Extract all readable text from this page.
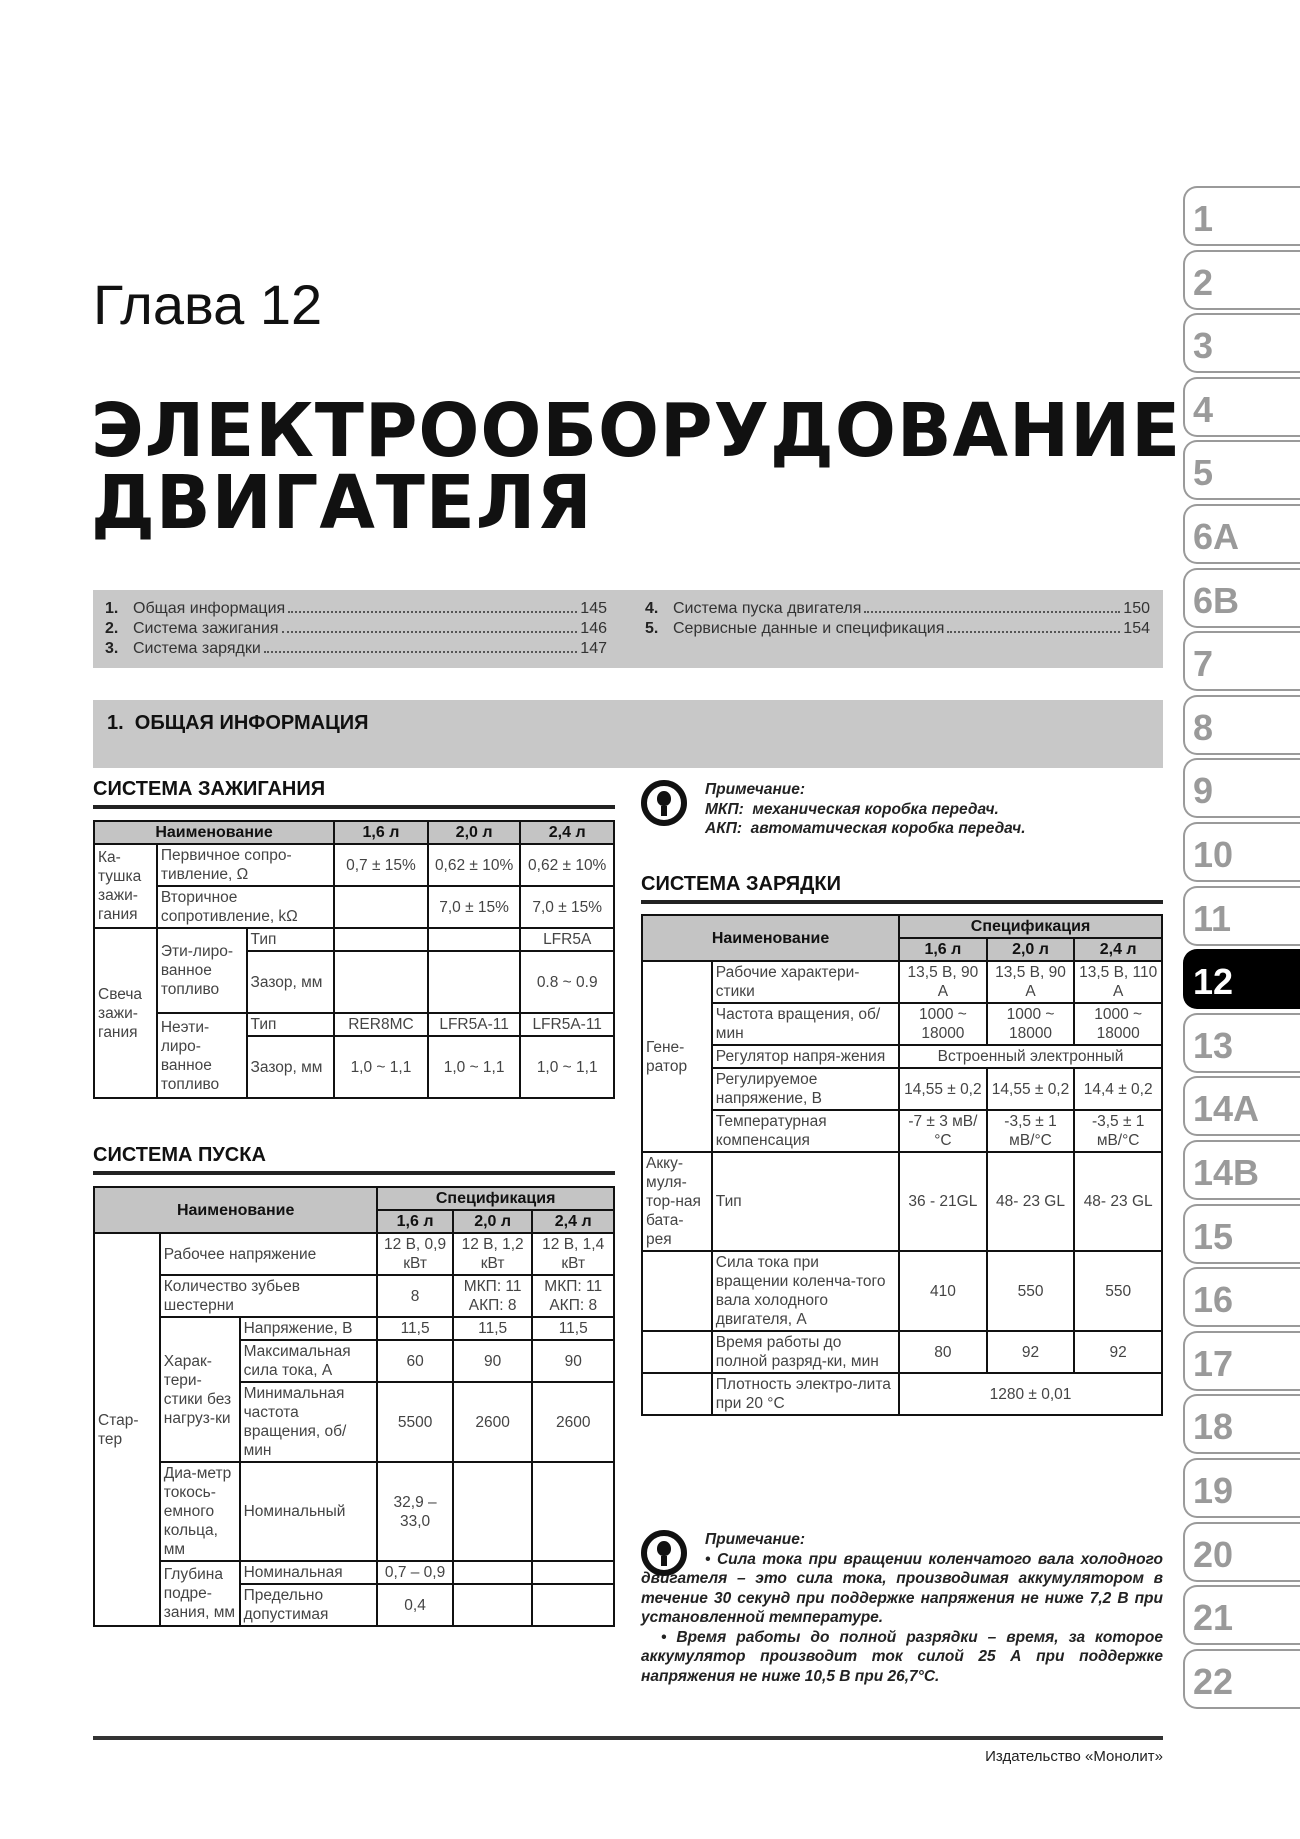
Глава 12
ЭЛЕКТРООБОРУДОВАНИЕ
ДВИГАТЕЛЯ
1. Общая информация	145
2. Система зажигания	146
3. Система зарядки	147
4. Система пуска двигателя	150
5. Сервисные данные и спецификация	154
1.  ОБЩАЯ ИНФОРМАЦИЯ
СИСТЕМА ЗАЖИГАНИЯ
Наименование			1,6 л	2,0 л	2,4 л
Ка-тушка зажи-гания	Первичное сопро-тивление, Ω		0,7 ± 15%	0,62 ± 10%	0,62 ± 10%
	Вторичное сопротивление, kΩ			7,0 ± 15%	7,0 ± 15%
Свеча зажи-гания	Эти-лиро-ванное топливо	Тип			LFR5A
		Зазор, мм			0.8 ~ 0.9
	Неэти-лиро-ванное топливо	Тип	RER8MC	LFR5A-11	LFR5A-11
		Зазор, мм	1,0 ~ 1,1	1,0 ~ 1,1	1,0 ~ 1,1
СИСТЕМА ПУСКА
Наименование			Спецификация		
			1,6 л	2,0 л	2,4 л
Стар-тер	Рабочее напряжение		12 В, 0,9 кВт	12 В, 1,2 кВт	12 В, 1,4 кВт
	Количество зубьев шестерни		8	МКП: 11 АКП: 8	МКП: 11 АКП: 8
	Харак-тери-стики без нагруз-ки	Напряжение, В	11,5	11,5	11,5
		Максимальная сила тока, А	60	90	90
		Минимальная частота вращения, об/мин	5500	2600	2600
	Диа-метр токось-емного кольца, мм	Номинальный	32,9 – 33,0		
	Глубина подре-зания, мм	Номинальная	0,7 – 0,9		
		Предельно допустимая	0,4		
Примечание:
МКП:  механическая коробка передач.
АКП:  автоматическая коробка передач.
СИСТЕМА ЗАРЯДКИ
Наименование		Спецификация		
		1,6 л	2,0 л	2,4 л
Гене-ратор	Рабочие характери-стики	13,5 В, 90 А	13,5 В, 90 А	13,5 В, 110 А
	Частота вращения, об/мин	1000 ~ 18000	1000 ~ 18000	1000 ~ 18000
	Регулятор напря-жения	Встроенный электронный		
	Регулируемое напряжение, В	14,55 ± 0,2	14,55 ± 0,2	14,4 ± 0,2
	Температурная компенсация	-7 ± 3 мВ/°С	-3,5 ± 1 мВ/°С	-3,5 ± 1 мВ/°С
Акку-муля-тор-ная бата-рея	Тип	36 - 21GL	48- 23 GL	48- 23 GL
	Сила тока при вращении коленча-того вала холодного двигателя, А	410	550	550
	Время работы до полной разряд-ки, мин	80	92	92
	Плотность электро-лита при 20 °С	1280 ± 0,01		
Примечание:
• Сила тока при вращении коленчатого вала холодного двигателя – это сила тока, производимая аккумулятором в течение 30 секунд при поддержке напряжения не ниже 7,2 В при установленной температуре.
• Время работы до полной разрядки – время, за которое аккумулятор производит ток силой 25 А при поддержке напряжения не ниже 10,5 В при 26,7°С.
1
2
3
4
5
6A
6B
7
8
9
10
11
12
13
14A
14B
15
16
17
18
19
20
21
22
Издательство «Монолит»
